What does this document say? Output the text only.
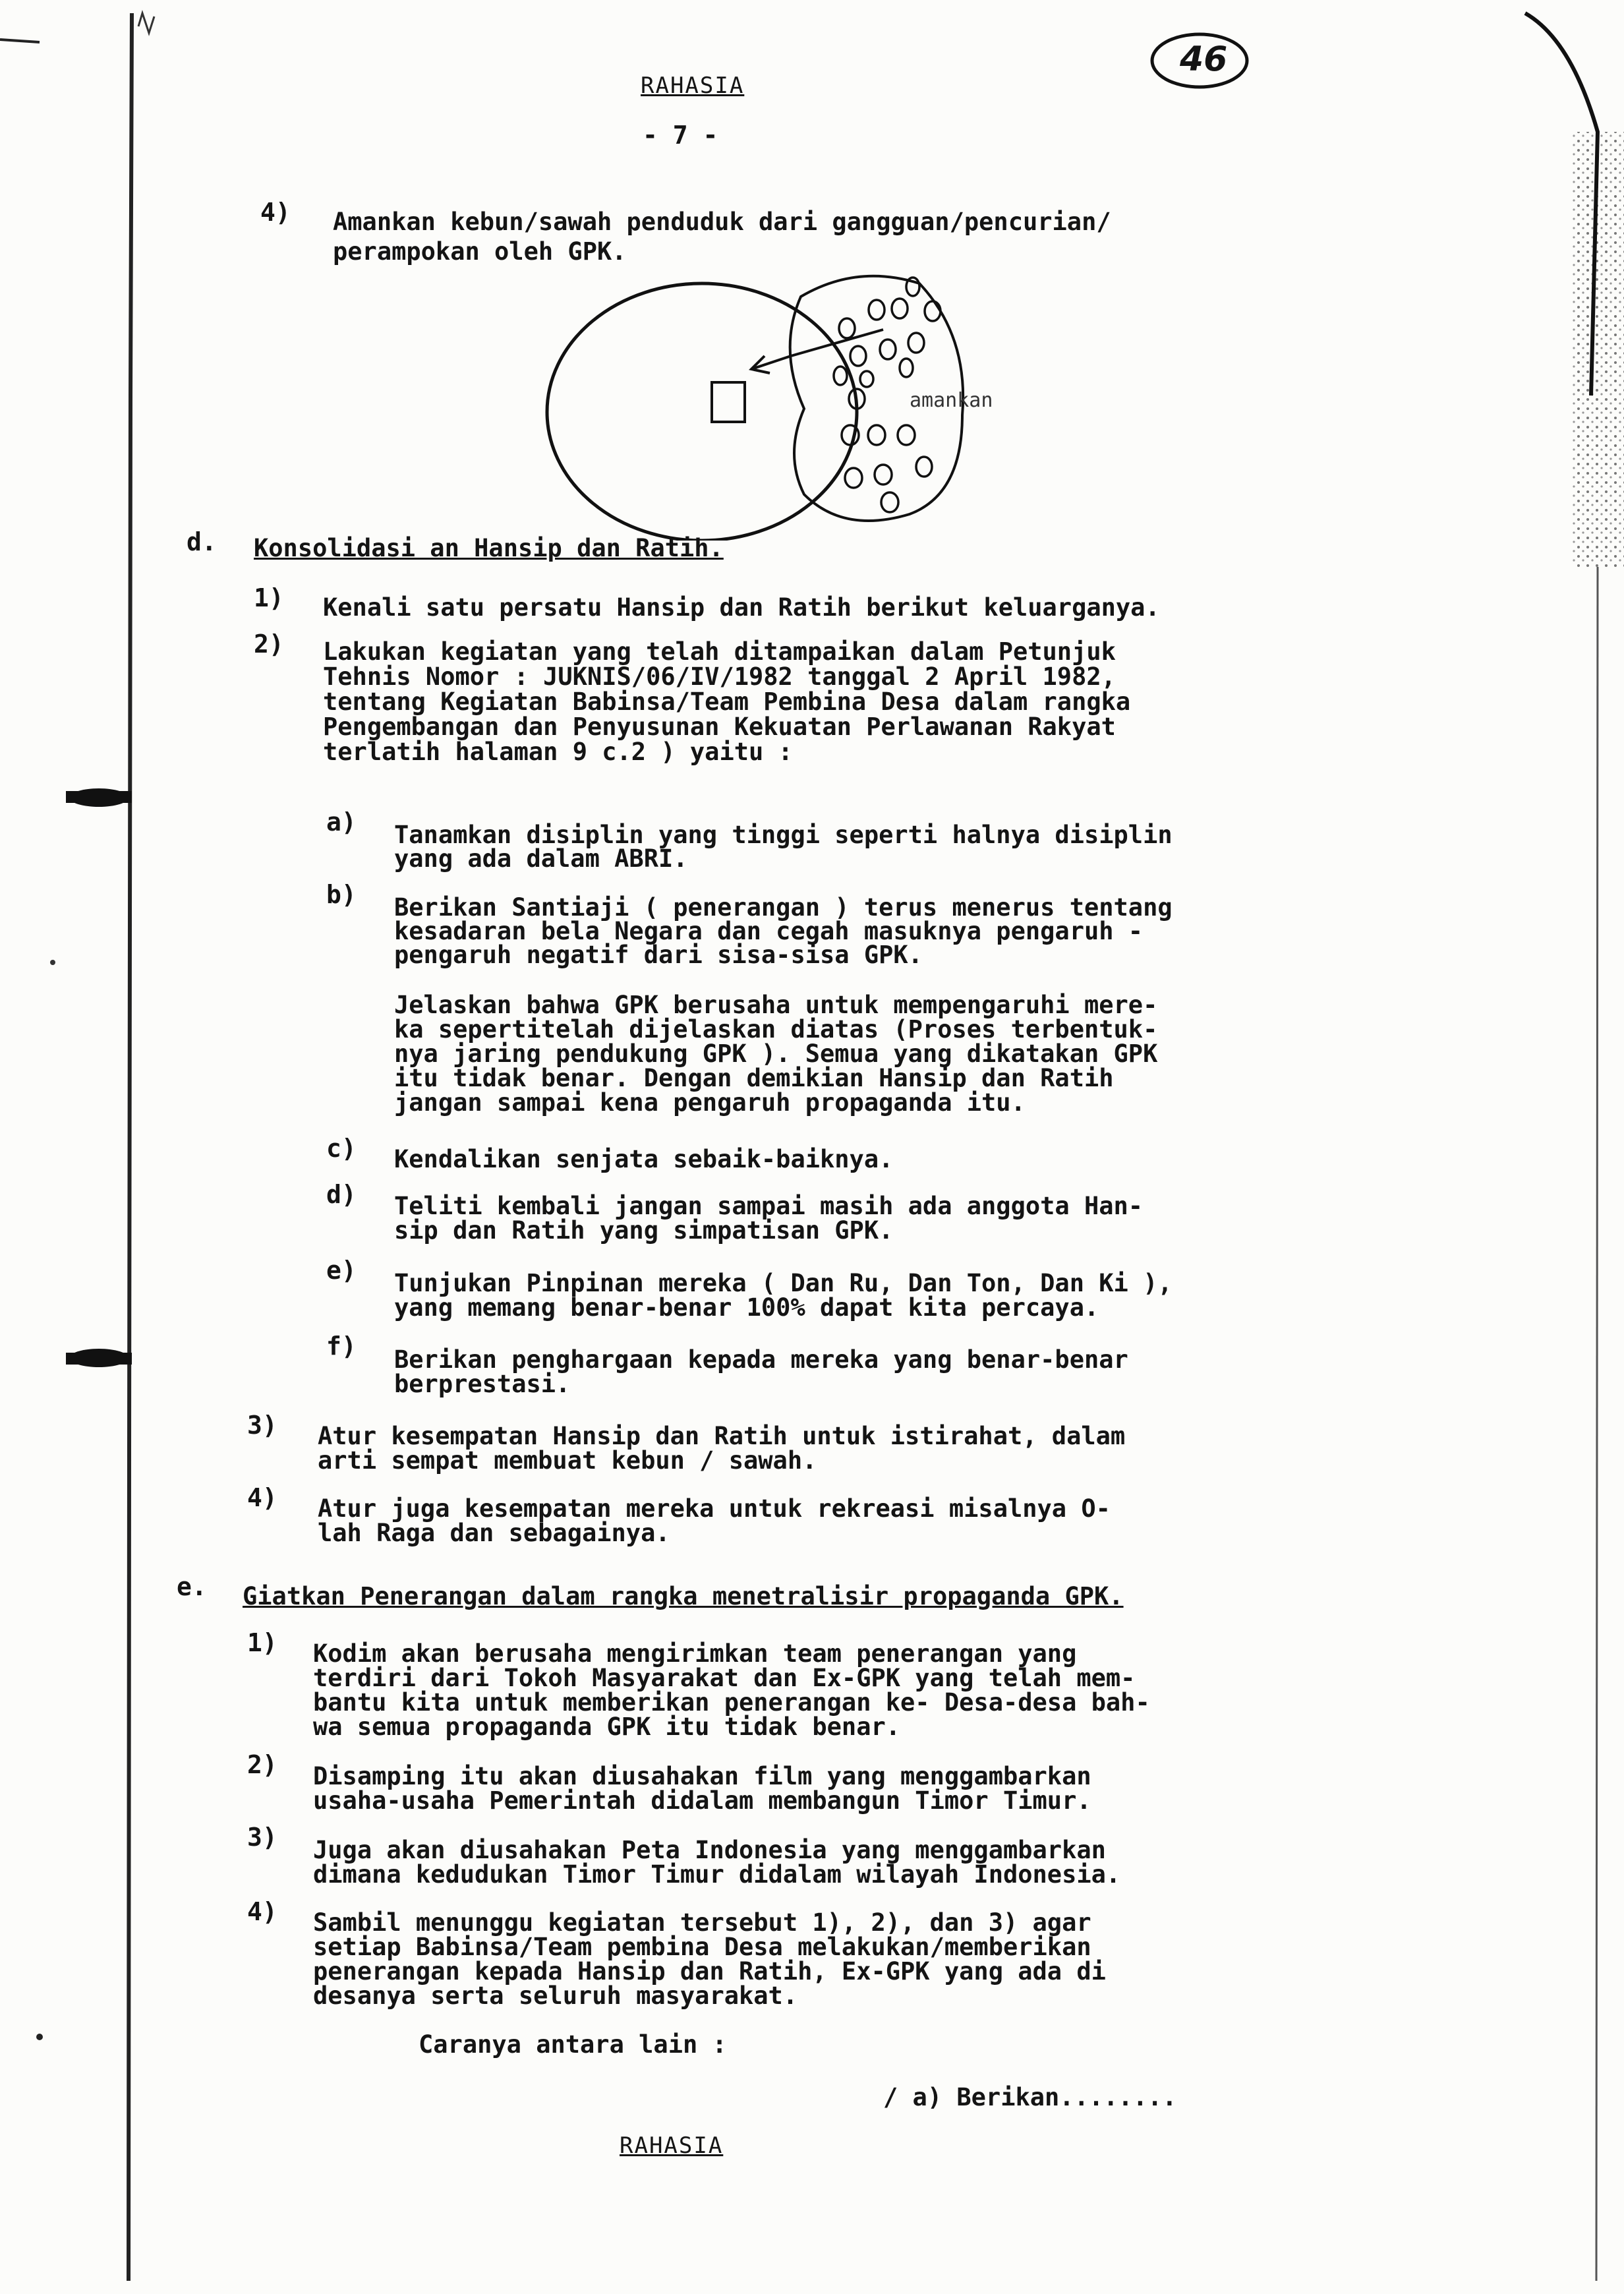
RAHASIA
- 7 -
46
4) Amankan kebun/sawah penduduk dari gangguan/pencurian/
perampokan oleh GPK.
amankan
d. Konsolidasi an Hansip dan Ratih.
1) Kenali satu persatu Hansip dan Ratih berikut keluarganya.
2) Lakukan kegiatan yang telah ditampaikan dalam Petunjuk
Tehnis Nomor : JUKNIS/06/IV/1982 tanggal 2 April 1982,
tentang Kegiatan Babinsa/Team Pembina Desa dalam rangka
Pengembangan dan Penyusunan Kekuatan Perlawanan Rakyat
terlatih halaman 9 c.2 ) yaitu :
a) Tanamkan disiplin yang tinggi seperti halnya disiplin
yang ada dalam ABRI.
b) Berikan Santiaji ( penerangan ) terus menerus tentang
kesadaran bela Negara dan cegah masuknya pengaruh -
pengaruh negatif dari sisa-sisa GPK.
Jelaskan bahwa GPK berusaha untuk mempengaruhi mere-
ka sepertitelah dijelaskan diatas (Proses terbentuk-
nya jaring pendukung GPK ). Semua yang dikatakan GPK
itu tidak benar. Dengan demikian Hansip dan Ratih
jangan sampai kena pengaruh propaganda itu.
c) Kendalikan senjata sebaik-baiknya.
d) Teliti kembali jangan sampai masih ada anggota Han-
sip dan Ratih yang simpatisan GPK.
e) Tunjukan Pinpinan mereka ( Dan Ru, Dan Ton, Dan Ki ),
yang memang benar-benar 100% dapat kita percaya.
f) Berikan penghargaan kepada mereka yang benar-benar
berprestasi.
3) Atur kesempatan Hansip dan Ratih untuk istirahat, dalam
arti sempat membuat kebun / sawah.
4) Atur juga kesempatan mereka untuk rekreasi misalnya O-
lah Raga dan sebagainya.
e. Giatkan Penerangan dalam rangka menetralisir propaganda GPK.
1) Kodim akan berusaha mengirimkan team penerangan yang
terdiri dari Tokoh Masyarakat dan Ex-GPK yang telah mem-
bantu kita untuk memberikan penerangan ke- Desa-desa bah-
wa semua propaganda GPK itu tidak benar.
2) Disamping itu akan diusahakan film yang menggambarkan
usaha-usaha Pemerintah didalam membangun Timor Timur.
3) Juga akan diusahakan Peta Indonesia yang menggambarkan
dimana kedudukan Timor Timur didalam wilayah Indonesia.
4) Sambil menunggu kegiatan tersebut 1), 2), dan 3) agar
setiap Babinsa/Team pembina Desa melakukan/memberikan
penerangan kepada Hansip dan Ratih, Ex-GPK yang ada di
desanya serta seluruh masyarakat.
Caranya antara lain :
/ a) Berikan........
RAHASIA
